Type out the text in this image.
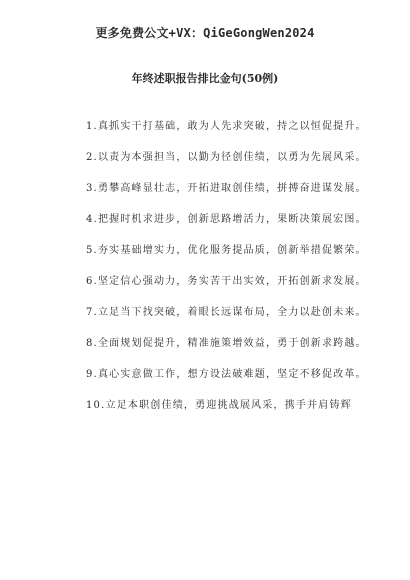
更多免费公文+VX：QiGeGongWen2024
年终述职报告排比金句(50例)

1.真抓实干打基础，敢为人先求突破，持之以恒促提升。

2.以责为本强担当，以勤为径创佳绩，以勇为先展风采。

3.勇攀高峰显壮志，开拓进取创佳绩，拼搏奋进谋发展。

4.把握时机求进步，创新思路增活力，果断决策展宏图。

5.夯实基础增实力，优化服务提品质，创新举措促繁荣。

6.坚定信心强动力，务实苦干出实效，开拓创新求发展。

7.立足当下找突破，着眼长远谋布局，全力以赴创未来。

8.全面规划促提升，精准施策增效益，勇于创新求跨越。

9.真心实意做工作，想方设法破难题，坚定不移促改革。

10.立足本职创佳绩，勇迎挑战展风采，携手并肩铸辉
